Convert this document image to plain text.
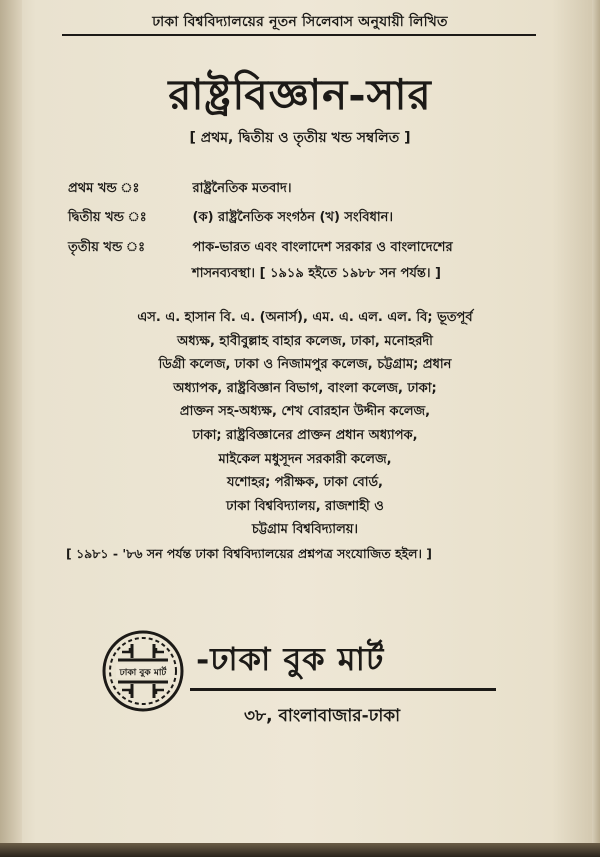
ঢাকা বিশ্ববিদ্যালয়ের নূতন সিলেবাস অনুযায়ী লিখিত
রাষ্ট্রবিজ্ঞান-সার
[ প্রথম, দ্বিতীয় ও তৃতীয় খন্ড সম্বলিত ]
প্রথম খন্ড ঃ	রাষ্ট্রনৈতিক মতবাদ।
দ্বিতীয় খন্ড ঃ	(ক) রাষ্ট্রনৈতিক সংগঠন (খ) সংবিধান।
তৃতীয় খন্ড ঃ	পাক-ভারত এবং বাংলাদেশ সরকার ও বাংলাদেশের
শাসনব্যবস্থা। [ ১৯১৯ হইতে ১৯৮৮ সন পর্যন্ত। ]
এস. এ. হাসান বি. এ. (অনার্স), এম. এ. এল. এল. বি; ভূতপূর্ব
অধ্যক্ষ, হাবীবুল্লাহ বাহার কলেজ, ঢাকা, মনোহরদী
ডিগ্রী কলেজ, ঢাকা ও নিজামপুর কলেজ, চট্টগ্রাম; প্রধান
অধ্যাপক, রাষ্ট্রবিজ্ঞান বিভাগ, বাংলা কলেজ, ঢাকা;
প্রাক্তন সহ-অধ্যক্ষ, শেখ বোরহান উদ্দীন কলেজ,
ঢাকা; রাষ্ট্রবিজ্ঞানের প্রাক্তন প্রধান অধ্যাপক,
মাইকেল মধুসূদন সরকারী কলেজ,
যশোহর; পরীক্ষক, ঢাকা বোর্ড,
ঢাকা বিশ্ববিদ্যালয়, রাজশাহী ও
চট্টগ্রাম বিশ্ববিদ্যালয়।
[ ১৯৮১ - '৮৬ সন পর্যন্ত ঢাকা বিশ্ববিদ্যালয়ের প্রশ্নপত্র সংযোজিত হইল। ]
ঢাকা বুক মার্ট -ঢাকা বুক মার্ট
৩৮, বাংলাবাজার-ঢাকা
